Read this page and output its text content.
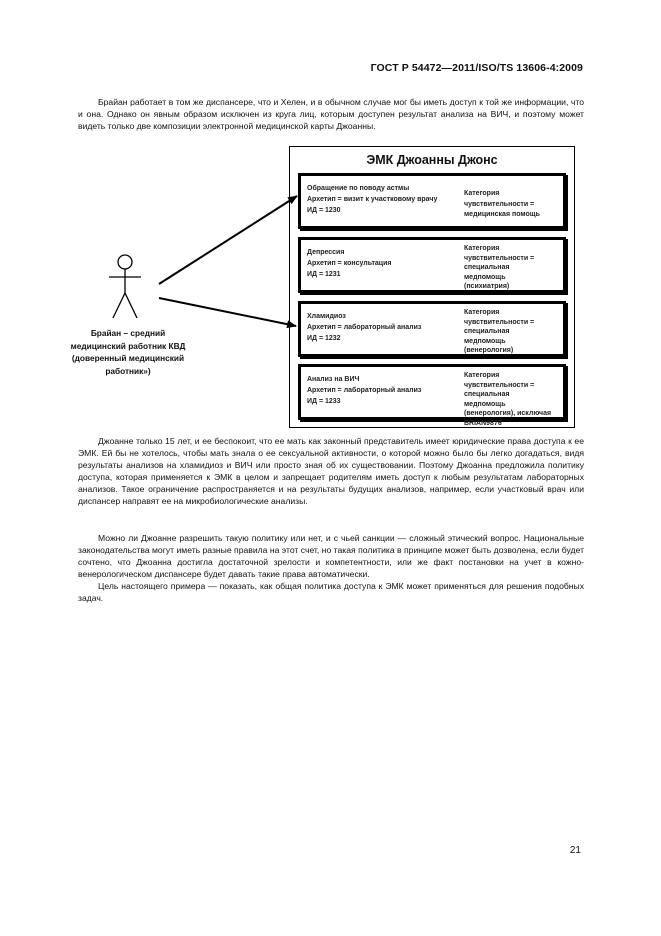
ГОСТ Р 54472—2011/ISO/TS 13606-4:2009

Брайан работает в том же диспансере, что и Хелен, и в обычном случае мог бы иметь доступ к той же информации, что и она. Однако он явным образом исключен из круга лиц, которым доступен результат анализа на ВИЧ, и поэтому может видеть только две композиции электронной медицинской карты Джоанны.

ЭМК Джоанны Джонс
Обращение по поводу астмы
Архетип = визит к участковому врачу
ИД = 1230
Категория
чувствительности =
медицинская помощь
Депрессия
Архетип = консультация
ИД = 1231
Категория
чувствительности =
специальная
медпомощь
(психиатрия)
Хламидиоз
Архетип = лабораторный анализ
ИД = 1232
Категория
чувствительности =
специальная
медпомощь
(венерология)
Анализ на ВИЧ
Архетип = лабораторный анализ
ИД = 1233
Категория
чувствительности =
специальная
медпомощь
(венерология), исключая
BRIAN9876
Брайан – средний
медицинский работник КВД
(доверенный медицинский
работник»)

Джоанне только 15 лет, и ее беспокоит, что ее мать как законный представитель имеет юридические права доступа к ее ЭМК. Ей бы не хотелось, чтобы мать знала о ее сексуальной активности, о которой можно было бы легко догадаться, видя результаты анализов на хламидиоз и ВИЧ или просто зная об их существовании. Поэтому Джоанна предложила политику доступа, которая применяется к ЭМК в целом и запрещает родителям иметь доступ к любым результатам лабораторных анализов. Такое ограничение распространяется и на результаты будущих анализов, например, если участковый врач или диспансер направят ее на микробиологические анализы.

Можно ли Джоанне разрешить такую политику или нет, и с чьей санкции — сложный этический вопрос. Национальные законодательства могут иметь разные правила на этот счет, но такая политика в принципе может быть дозволена, если будет сочтено, что Джоанна достигла достаточной зрелости и компетентности, или же факт постановки на учет в кожно-венерологическом диспансере будет давать такие права автоматически.

Цель настоящего примера — показать, как общая политика доступа к ЭМК может применяться для решения подобных задач.

21
